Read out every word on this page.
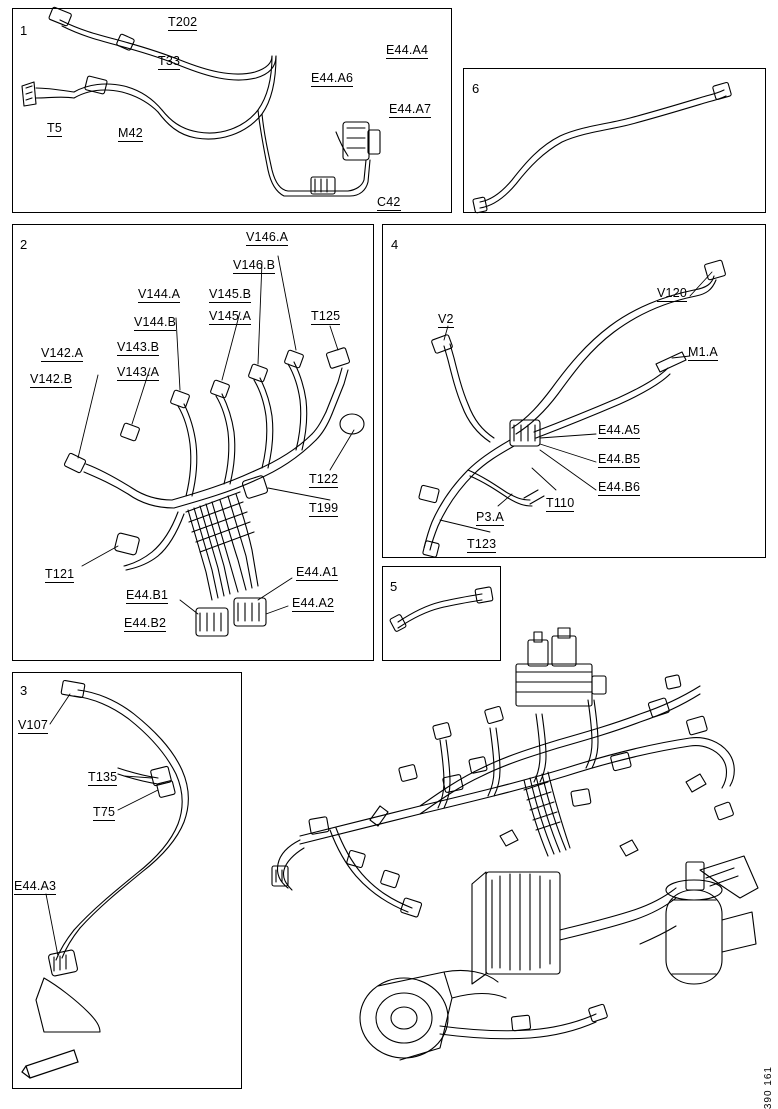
1
2
3
4
5
6
T202
T33
T5	M42
E44.A4
E44.A6
E44.A7
C42
V146.A
V146.B
V144.A V145.B
V144.B	V145.A	T125
V142.A	V143.B
V142.B	V143.A
T122
T199
T121	E44.A1
E44.B1
E44.A2
E44.B2
V107
T135
T75
E44.A3
V2
V120
M1.A
E44.A5
E44.B5
E44.B6
T110
P3.A
T123
390 161
